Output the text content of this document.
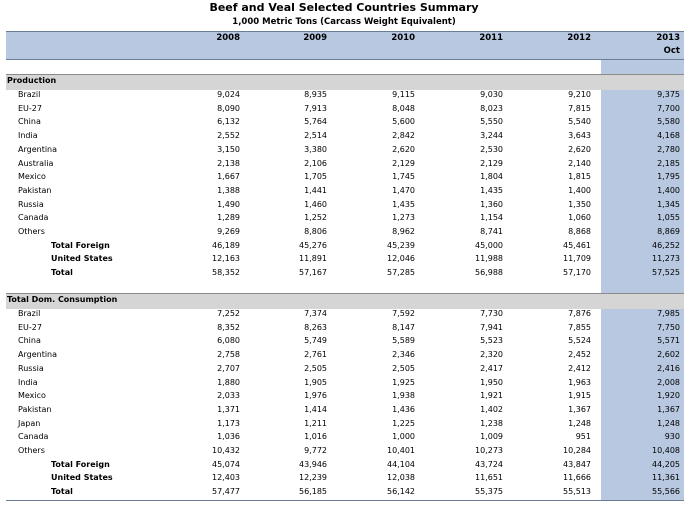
Beef and Veal Selected Countries Summary
1,000 Metric Tons (Carcass Weight Equivalent)
2008	2009	2010	2011	2012	2013
Oct
Production
Brazil	9,024	8,935	9,115	9,030	9,210	9,375
EU-27	8,090	7,913	8,048	8,023	7,815	7,700
China	6,132	5,764	5,600	5,550	5,540	5,580
India	2,552	2,514	2,842	3,244	3,643	4,168
Argentina	3,150	3,380	2,620	2,530	2,620	2,780
Australia	2,138	2,106	2,129	2,129	2,140	2,185
Mexico	1,667	1,705	1,745	1,804	1,815	1,795
Pakistan	1,388	1,441	1,470	1,435	1,400	1,400
Russia	1,490	1,460	1,435	1,360	1,350	1,345
Canada	1,289	1,252	1,273	1,154	1,060	1,055
Others	9,269	8,806	8,962	8,741	8,868	8,869
Total Foreign	46,189	45,276	45,239	45,000	45,461	46,252
United States	12,163	11,891	12,046	11,988	11,709	11,273
Total	58,352	57,167	57,285	56,988	57,170	57,525
Total Dom. Consumption
Brazil	7,252	7,374	7,592	7,730	7,876	7,985
EU-27	8,352	8,263	8,147	7,941	7,855	7,750
China	6,080	5,749	5,589	5,523	5,524	5,571
Argentina	2,758	2,761	2,346	2,320	2,452	2,602
Russia	2,707	2,505	2,505	2,417	2,412	2,416
India	1,880	1,905	1,925	1,950	1,963	2,008
Mexico	2,033	1,976	1,938	1,921	1,915	1,920
Pakistan	1,371	1,414	1,436	1,402	1,367	1,367
Japan	1,173	1,211	1,225	1,238	1,248	1,248
Canada	1,036	1,016	1,000	1,009	951	930
Others	10,432	9,772	10,401	10,273	10,284	10,408
Total Foreign	45,074	43,946	44,104	43,724	43,847	44,205
United States	12,403	12,239	12,038	11,651	11,666	11,361
Total	57,477	56,185	56,142	55,375	55,513	55,566
